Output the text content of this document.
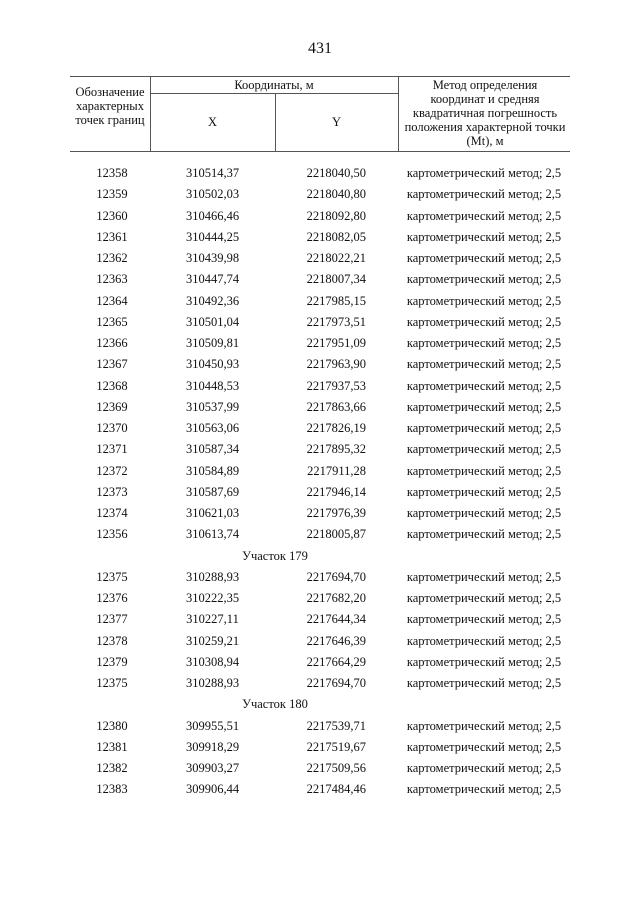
431
Обозначение характерных точек границ
Координаты, м
X	Y
Метод определения координат и средняя квадратичная погрешность положения характерной точки (Mt), м
12358	310514,37	2218040,50	картометрический метод; 2,5
12359	310502,03	2218040,80	картометрический метод; 2,5
12360	310466,46	2218092,80	картометрический метод; 2,5
12361	310444,25	2218082,05	картометрический метод; 2,5
12362	310439,98	2218022,21	картометрический метод; 2,5
12363	310447,74	2218007,34	картометрический метод; 2,5
12364	310492,36	2217985,15	картометрический метод; 2,5
12365	310501,04	2217973,51	картометрический метод; 2,5
12366	310509,81	2217951,09	картометрический метод; 2,5
12367	310450,93	2217963,90	картометрический метод; 2,5
12368	310448,53	2217937,53	картометрический метод; 2,5
12369	310537,99	2217863,66	картометрический метод; 2,5
12370	310563,06	2217826,19	картометрический метод; 2,5
12371	310587,34	2217895,32	картометрический метод; 2,5
12372	310584,89	2217911,28	картометрический метод; 2,5
12373	310587,69	2217946,14	картометрический метод; 2,5
12374	310621,03	2217976,39	картометрический метод; 2,5
12356	310613,74	2218005,87	картометрический метод; 2,5
Участок 179
12375	310288,93	2217694,70	картометрический метод; 2,5
12376	310222,35	2217682,20	картометрический метод; 2,5
12377	310227,11	2217644,34	картометрический метод; 2,5
12378	310259,21	2217646,39	картометрический метод; 2,5
12379	310308,94	2217664,29	картометрический метод; 2,5
12375	310288,93	2217694,70	картометрический метод; 2,5
Участок 180
12380	309955,51	2217539,71	картометрический метод; 2,5
12381	309918,29	2217519,67	картометрический метод; 2,5
12382	309903,27	2217509,56	картометрический метод; 2,5
12383	309906,44	2217484,46	картометрический метод; 2,5
